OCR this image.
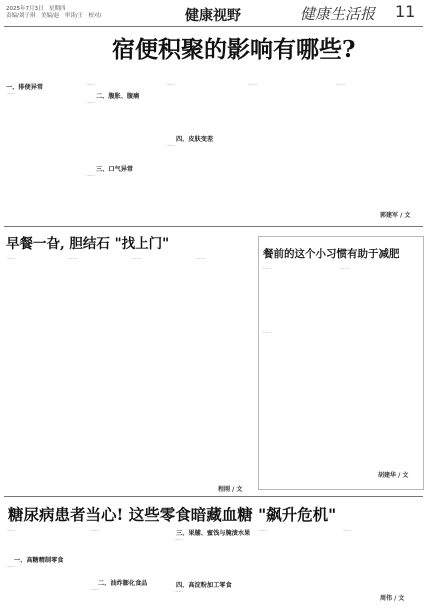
2025年7月3日　星期四
责编/刘子琪　美编/赵　审读/王　校对/	健康视野	健康生活报 11
宿便积聚的影响有哪些?
一、排便异常
……
……
二、腹胀、腹痛
……
三、口气异常
……
……
四、皮肤变差
……
……	……
郭建军 / 文
早餐一旮, 胆结石 "找上门"
……	……	……	……
程刚 / 文
餐前的这个小习惯有助于减肥
……	……
……
胡建华 / 文
糖尿病患者当心! 这些零食暗藏血糖 "飙升危机"
……
一、高糖精制零食
……
……
二、油炸膨化食品
……
三、果脯、蜜饯与腌渍水果
……
四、高淀粉加工零食
……
……	……
周伟 / 文
